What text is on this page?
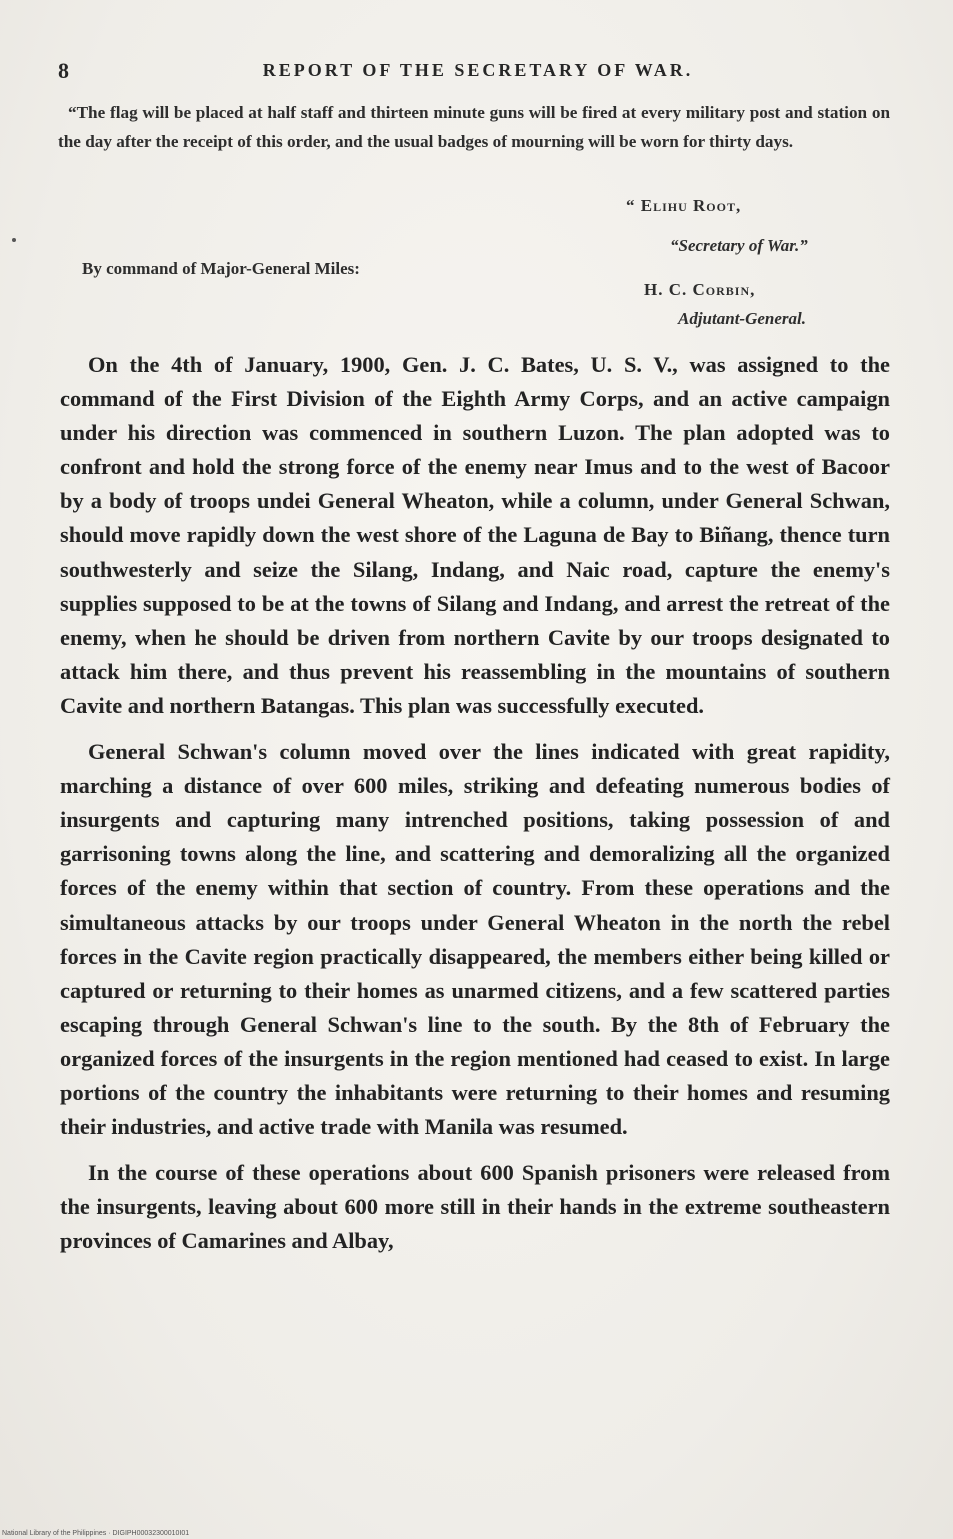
8	REPORT OF THE SECRETARY OF WAR.
“The flag will be placed at half staff and thirteen minute guns will be fired at every military post and station on the day after the receipt of this order, and the usual badges of mourning will be worn for thirty days.
“ Elihu Root,
“Secretary of War.”
By command of Major-General Miles:
H. C. Corbin,
Adjutant-General.

On the 4th of January, 1900, Gen. J. C. Bates, U. S. V., was assigned to the command of the First Division of the Eighth Army Corps, and an active campaign under his direction was commenced in southern Luzon. The plan adopted was to confront and hold the strong force of the enemy near Imus and to the west of Bacoor by a body of troops undei General Wheaton, while a column, under General Schwan, should move rapidly down the west shore of the Laguna de Bay to Biñang, thence turn southwesterly and seize the Silang, Indang, and Naic road, capture the enemy's supplies supposed to be at the towns of Silang and Indang, and arrest the retreat of the enemy, when he should be driven from northern Cavite by our troops designated to attack him there, and thus prevent his reassembling in the mountains of southern Cavite and northern Batangas. This plan was successfully executed.

General Schwan's column moved over the lines indicated with great rapidity, marching a distance of over 600 miles, striking and defeating numerous bodies of insurgents and capturing many intrenched positions, taking possession of and garrisoning towns along the line, and scattering and demoralizing all the organized forces of the enemy within that section of country. From these operations and the simultaneous attacks by our troops under General Wheaton in the north the rebel forces in the Cavite region practically disappeared, the members either being killed or captured or returning to their homes as unarmed citizens, and a few scattered parties escaping through General Schwan's line to the south. By the 8th of February the organized forces of the insurgents in the region mentioned had ceased to exist. In large portions of the country the inhabitants were returning to their homes and resuming their industries, and active trade with Manila was resumed.

In the course of these operations about 600 Spanish prisoners were released from the insurgents, leaving about 600 more still in their hands in the extreme southeastern provinces of Camarines and Albay,

National Library of the Philippines · DIGIPH00032300010I01
